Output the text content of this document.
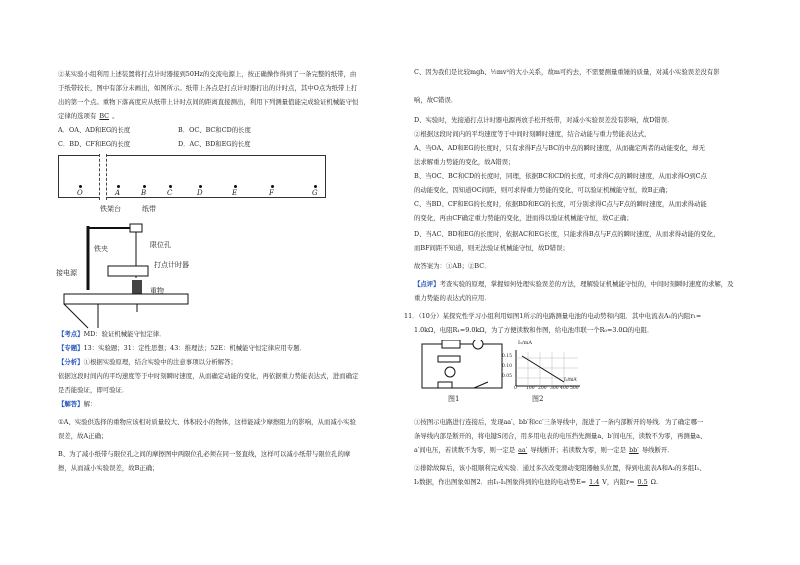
②某实验小组利用上述装置将打点计时器接到50Hz的交流电源上，按正确操作得到了一条完整的纸带，由
于纸带较长，图中有部分未画出，如图所示。纸带上各点是打点计时器打出的计时点，其中O点为纸带上打
出的第一个点。重物下落高度应从纸带上计时点间的距离直接测出，利用下列测量值能完成验证机械能守恒
定律的选项有 BC 。
A．OA、AD和EG的长度	B．OC、BC和CD的长度
C．BD、CF和EG的长度	D．AC、BD和EG的长度
O	A	B	C	D	E	F	G
铁架台	纸带
铁夹	限位孔
打点计时器
接电源
重物
【考点】MD：验证机械能守恒定律．
【专题】13：实验题；31：定性思想；43：推理法；52E：机械能守恒定律应用专题．
【分析】①根据实验原理，结合实验中的注意事项以分析解答；
依据这段时间内的平均速度等于中时刻瞬时速度，从而确定动能的变化，再依据重力势能表达式，进而确定
是否能验证，即可验证．
【解答】解：
①A、实验供选择的重物应该相对质量较大、体积较小的物体，这样能减少摩擦阻力的影响，从而减小实验
误差，故A正确；
B、为了减小纸带与限位孔之间的摩擦图中两限位孔必须在同一竖直线，这样可以减小纸带与限位孔的摩
擦，从而减小实验误差，故B正确；
C、因为我们是比较mgh、½mv²的大小关系，故m可约去，不需要测量重锤的质量，对减小实验误差没有影
响，故C错误．
D、实验时，先接通打点计时器电源再放手松开纸带，对减小实验误差没有影响，故D错误．
②根据这段时间内的平均速度等于中间时刻瞬时速度，结合动能与重力势能表达式，
A、当OA、AD和EG的长度时，只有求得F点与BC的中点的瞬时速度，从而确定两者的动能变化，却无
法求解重力势能的变化，故A错误；
B、当OC、BC和CD的长度时，同理，依据BC和CD的长度，可求得C点的瞬时速度，从而求得O到C点
的动能变化，因知道OC间距，则可求得重力势能的变化，可以验证机械能守恒，故B正确；
C、当BD、CF和EG的长度时，依据BD和EG的长度，可分别求得C点与F点的瞬时速度，从而求得动能
的变化，再由CF确定重力势能的变化，进而得以验证机械能守恒，故C正确；
D、当AC、BD和EG的长度时，依据AC和EG长度，只能求得B点与F点的瞬时速度，从而求得动能的变化，
而BF间距不知道，则无法验证机械能守恒，故D错误；
故答案为：①AB；②BC．
【点评】考查实验的原理，掌握如何处理实验误差的方法，理解验证机械能守恒的，中间时刻瞬时速度的求解，及
重力势能的表达式的应用．
11．（10分）某探究性学习小组利用如图1所示的电路测量电池的电动势和内阻．其中电流表A₁的内阻r₁=
1.0kΩ，电阻R₁=9.0kΩ，为了方便读数和作图，给电池串联一个R₀=3.0Ω的电阻．
图1
I₁/mA
0.15
0.10
0.05
0 100 200 300 400 500
I₂/mA
图2
①按图示电路进行连接后，发现aa′、bb′和cc′三条导线中，混进了一条内部断开的导线．为了确定哪一
条导线内部是断开的，将电键S闭合，用多用电表的电压挡先测量a、b′间电压，读数不为零，再测量a、
a′间电压，若读数不为零，则一定是 aa′ 导线断开；若读数为零，则一定是 bb′ 导线断开．
②排除故障后，该小组顺利完成实验．通过多次改变滑动变阻器触头位置，得到电流表A和A₂的多组I₁、
I₂数据，作出图象如图2．由I₁-I₂图象得到的电池的电动势E= 1.4 V，内阻r= 0.5 Ω.
